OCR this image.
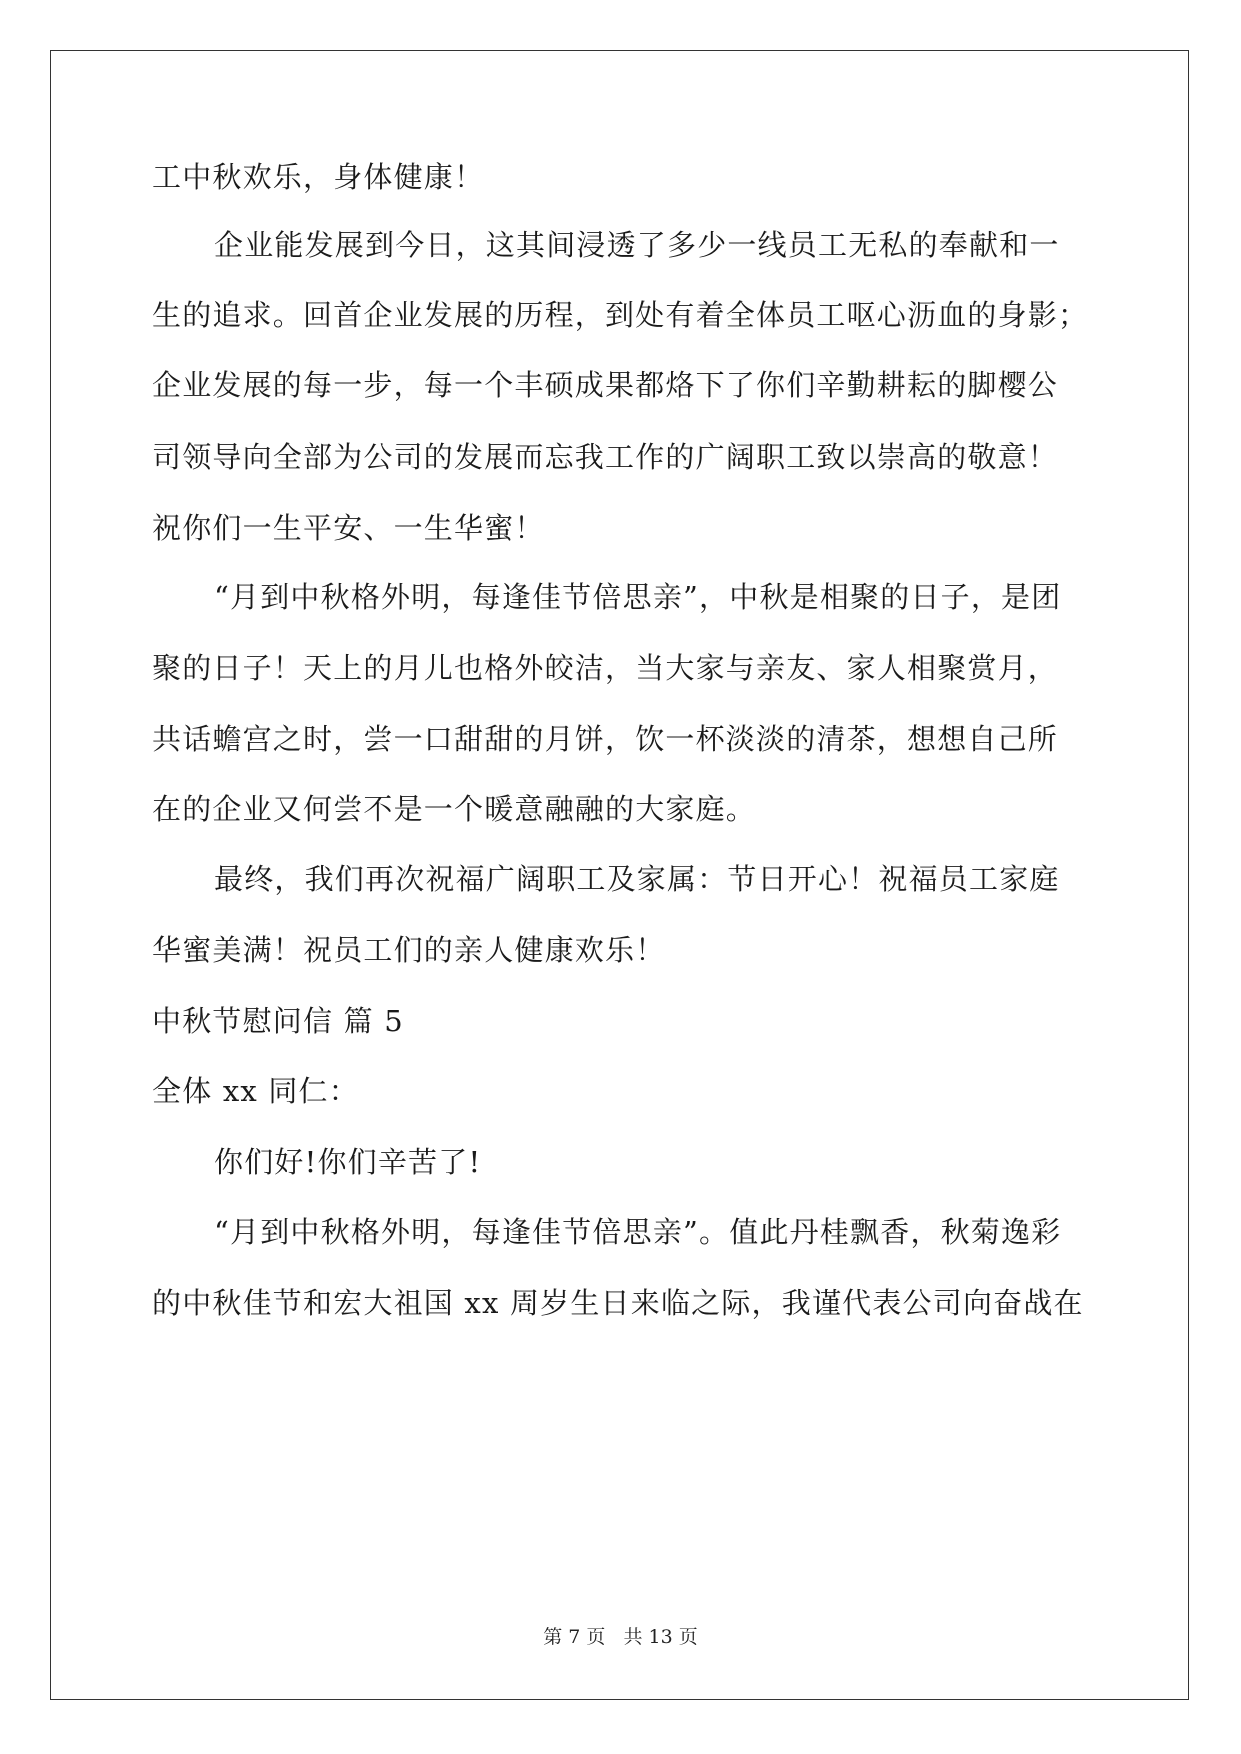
工中秋欢乐，身体健康！
企业能发展到今日，这其间浸透了多少一线员工无私的奉献和一
生的追求。回首企业发展的历程，到处有着全体员工呕心沥血的身影；
企业发展的每一步，每一个丰硕成果都烙下了你们辛勤耕耘的脚樱公
司领导向全部为公司的发展而忘我工作的广阔职工致以崇高的敬意！
祝你们一生平安、一生华蜜！
“月到中秋格外明，每逢佳节倍思亲”，中秋是相聚的日子，是团
聚的日子！天上的月儿也格外皎洁，当大家与亲友、家人相聚赏月，
共话蟾宫之时，尝一口甜甜的月饼，饮一杯淡淡的清茶，想想自己所
在的企业又何尝不是一个暖意融融的大家庭。
最终，我们再次祝福广阔职工及家属：节日开心！祝福员工家庭
华蜜美满！祝员工们的亲人健康欢乐！
中秋节慰问信 篇 5
全体 xx 同仁：
你们好!你们辛苦了!
“月到中秋格外明，每逢佳节倍思亲”。值此丹桂飘香，秋菊逸彩
的中秋佳节和宏大祖国 xx 周岁生日来临之际，我谨代表公司向奋战在
第 7 页 共 13 页
